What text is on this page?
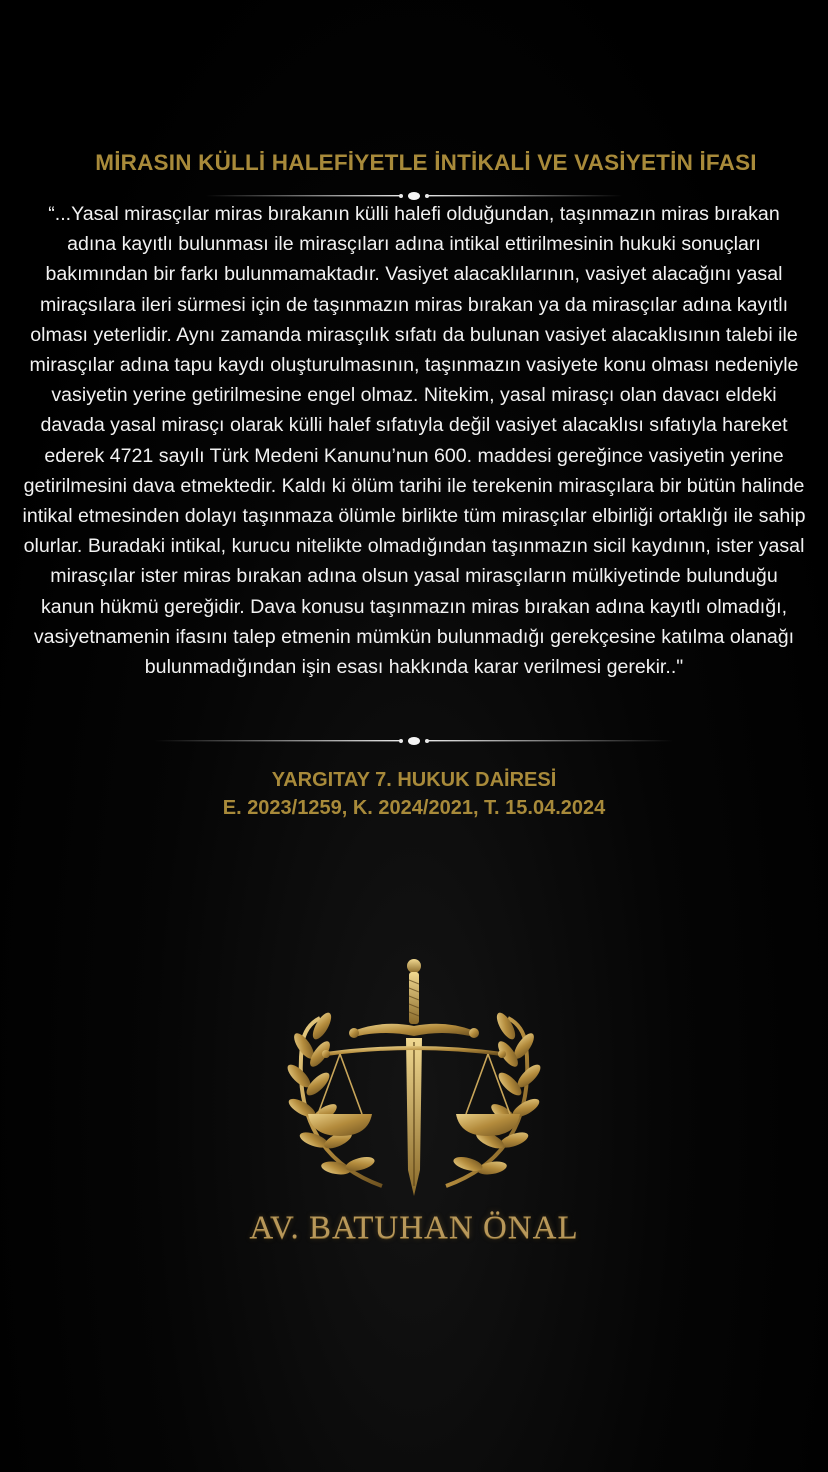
MİRASIN KÜLLİ HALEFİYETLE İNTİKALİ VE VASİYETİN İFASI

“...Yasal mirasçılar miras bırakanın külli halefi olduğundan, taşınmazın miras bırakan adına kayıtlı bulunması ile mirasçıları adına intikal ettirilmesinin hukuki sonuçları bakımından bir farkı bulunmamaktadır. Vasiyet alacaklılarının, vasiyet alacağını yasal miraçsılara ileri sürmesi için de taşınmazın miras bırakan ya da mirasçılar adına kayıtlı olması yeterlidir. Aynı zamanda mirasçılık sıfatı da bulunan vasiyet alacaklısının talebi ile mirasçılar adına tapu kaydı oluşturulmasının, taşınmazın vasiyete konu olması nedeniyle vasiyetin yerine getirilmesine engel olmaz. Nitekim, yasal mirasçı olan davacı eldeki davada yasal mirasçı olarak külli halef sıfatıyla değil vasiyet alacaklısı sıfatıyla hareket ederek 4721 sayılı Türk Medeni Kanunu’nun 600. maddesi gereğince vasiyetin yerine getirilmesini dava etmektedir. Kaldı ki ölüm tarihi ile terekenin mirasçılara bir bütün halinde intikal etmesinden dolayı taşınmaza ölümle birlikte tüm mirasçılar elbirliği ortaklığı ile sahip olurlar. Buradaki intikal, kurucu nitelikte olmadığından taşınmazın sicil kaydının, ister yasal mirasçılar ister miras bırakan adına olsun yasal mirasçıların mülkiyetinde bulunduğu kanun hükmü gereğidir. Dava konusu taşınmazın miras bırakan adına kayıtlı olmadığı, vasiyetnamenin ifasını talep etmenin mümkün bulunmadığı gerekçesine katılma olanağı bulunmadığından işin esası hakkında karar verilmesi gerekir.."

YARGITAY 7. HUKUK DAİRESİ
E. 2023/1259, K. 2024/2021, T. 15.04.2024
AV. BATUHAN ÖNAL
